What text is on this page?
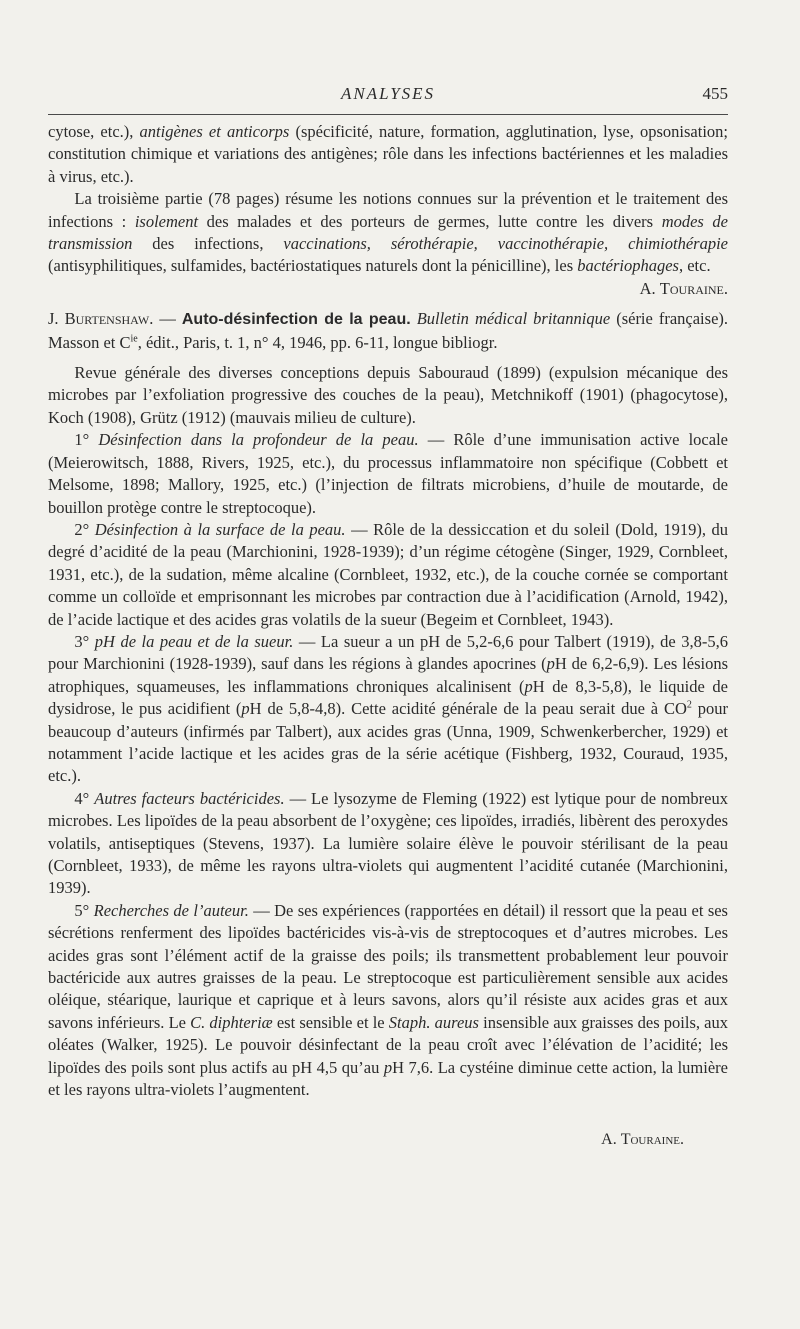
ANALYSES	455

cytose, etc.), antigènes et anticorps (spécificité, nature, formation, agglutination, lyse, opsonisation; constitution chimique et variations des antigènes; rôle dans les infections bactériennes et les maladies à virus, etc.).

La troisième partie (78 pages) résume les notions connues sur la prévention et le traitement des infections : isolement des malades et des porteurs de germes, lutte contre les divers modes de transmission des infections, vaccinations, sérothérapie, vaccinothérapie, chimiothérapie (antisyphilitiques, sulfamides, bactériostatiques naturels dont la pénicilline), les bactériophages, etc.

A. Touraine.

J. Burtenshaw. — Auto-désinfection de la peau. Bulletin médical britannique (série française). Masson et $C^{ie}$, édit., Paris, t. 1, n° 4, 1946, pp. 6-11, longue bibliogr.

Revue générale des diverses conceptions depuis Sabouraud (1899) (expulsion mécanique des microbes par l’exfoliation progressive des couches de la peau), Metchnikoff (1901) (phagocytose), Koch (1908), Grütz (1912) (mauvais milieu de culture).

1° Désinfection dans la profondeur de la peau. — Rôle d’une immunisation active locale (Meierowitsch, 1888, Rivers, 1925, etc.), du processus inflammatoire non spécifique (Cobbett et Melsome, 1898; Mallory, 1925, etc.) (l’injection de filtrats microbiens, d’huile de moutarde, de bouillon protège contre le streptocoque).

2° Désinfection à la surface de la peau. — Rôle de la dessiccation et du soleil (Dold, 1919), du degré d’acidité de la peau (Marchionini, 1928-1939); d’un régime cétogène (Singer, 1929, Cornbleet, 1931, etc.), de la sudation, même alcaline (Cornbleet, 1932, etc.), de la couche cornée se comportant comme un colloïde et emprisonnant les microbes par contraction due à l’acidification (Arnold, 1942), de l’acide lactique et des acides gras volatils de la sueur (Begeim et Cornbleet, 1943).

3° pH de la peau et de la sueur. — La sueur a un pH de 5,2-6,6 pour Talbert (1919), de 3,8-5,6 pour Marchionini (1928-1939), sauf dans les régions à glandes apocrines (pH de 6,2-6,9). Les lésions atrophiques, squameuses, les inflammations chroniques alcalinisent (pH de 8,3-5,8), le liquide de dysidrose, le pus acidifient (pH de 5,8-4,8). Cette acidité générale de la peau serait due à $CO^2$ pour beaucoup d’auteurs (infirmés par Talbert), aux acides gras (Unna, 1909, Schwenkerbercher, 1929) et notamment l’acide lactique et les acides gras de la série acétique (Fishberg, 1932, Couraud, 1935, etc.).

4° Autres facteurs bactéricides. — Le lysozyme de Fleming (1922) est lytique pour de nombreux microbes. Les lipoïdes de la peau absorbent de l’oxygène; ces lipoïdes, irradiés, libèrent des peroxydes volatils, antiseptiques (Stevens, 1937). La lumière solaire élève le pouvoir stérilisant de la peau (Cornbleet, 1933), de même les rayons ultra-violets qui augmentent l’acidité cutanée (Marchionini, 1939).

5° Recherches de l’auteur. — De ses expériences (rapportées en détail) il ressort que la peau et ses sécrétions renferment des lipoïdes bactéricides vis-à-vis de streptocoques et d’autres microbes. Les acides gras sont l’élément actif de la graisse des poils; ils transmettent probablement leur pouvoir bactéricide aux autres graisses de la peau. Le streptocoque est particulièrement sensible aux acides oléique, stéarique, laurique et caprique et à leurs savons, alors qu’il résiste aux acides gras et aux savons inférieurs. Le C. diphteriæ est sensible et le Staph. aureus insensible aux graisses des poils, aux oléates (Walker, 1925). Le pouvoir désinfectant de la peau croît avec l’élévation de l’acidité; les lipoïdes des poils sont plus actifs au pH 4,5 qu’au pH 7,6. La cystéine diminue cette action, la lumière et les rayons ultra-violets l’augmentent.

A. Touraine.
